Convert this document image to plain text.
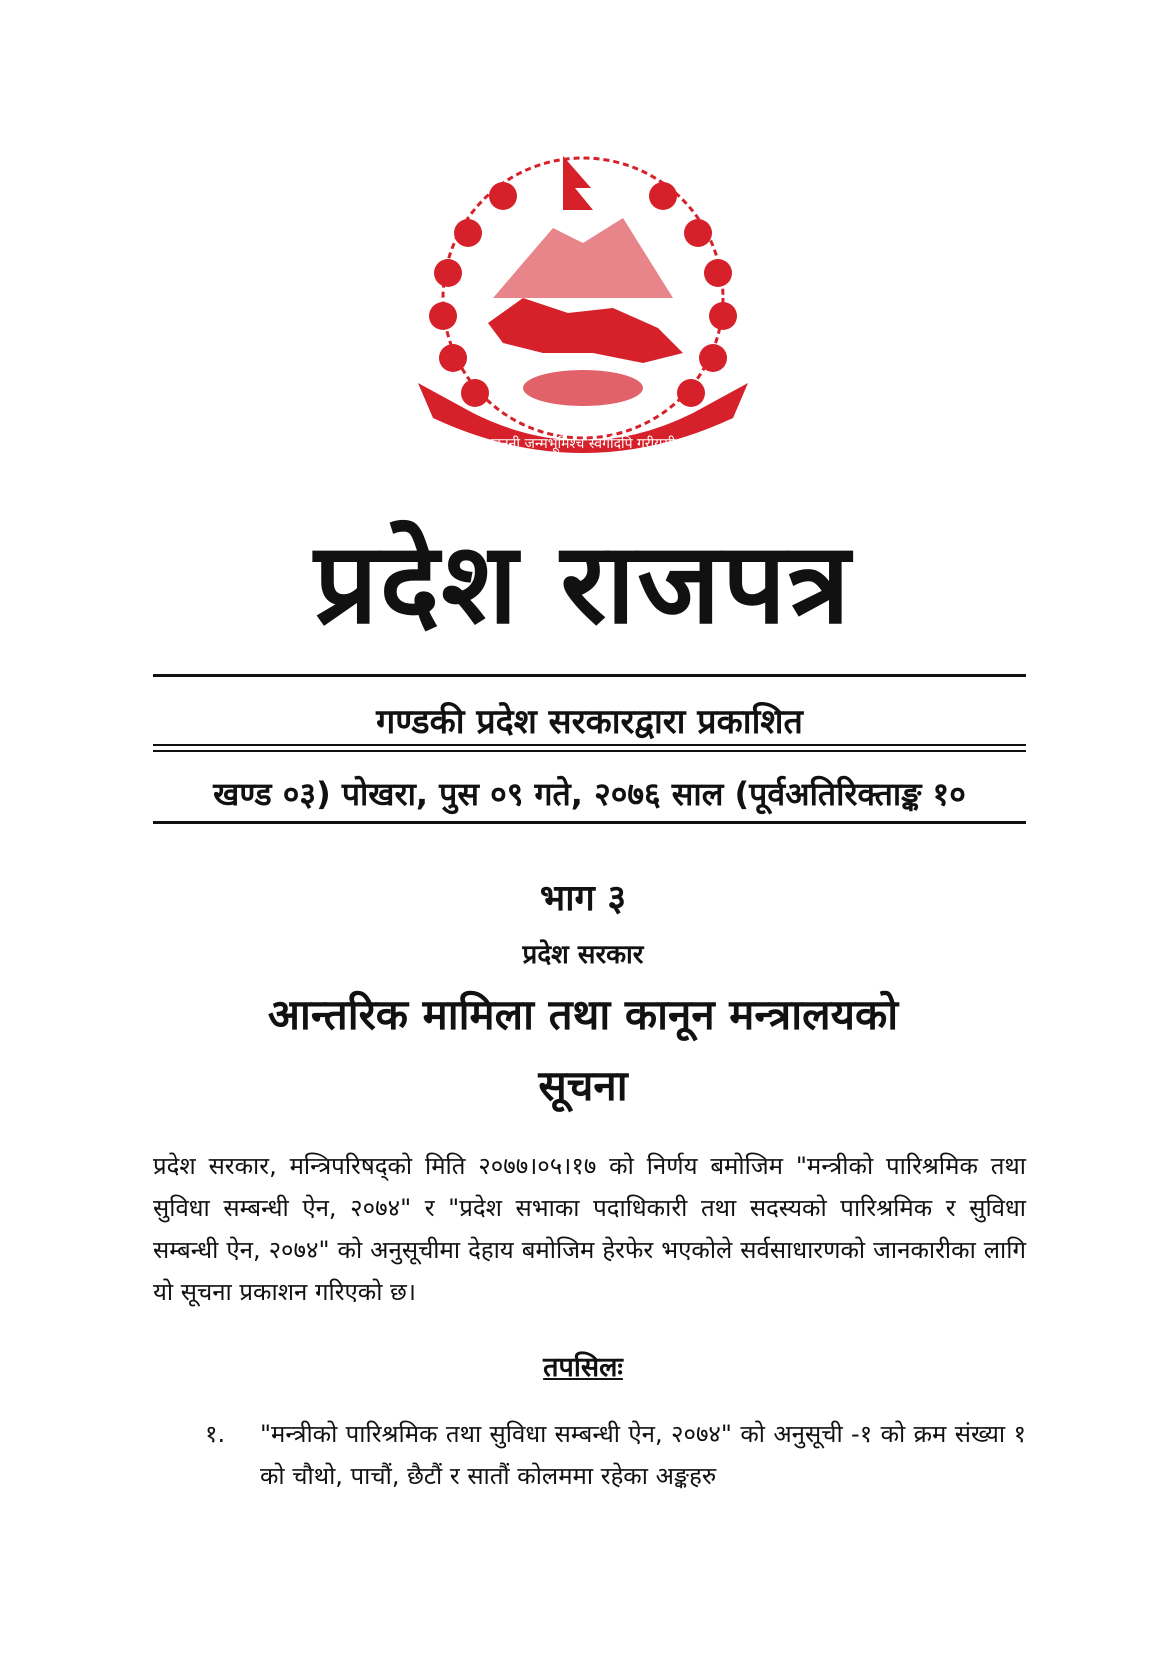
जननी जन्मभूमिश्च स्वर्गादपि गरीयसी
प्रदेश राजपत्र
गण्डकी प्रदेश सरकारद्वारा प्रकाशित
खण्ड ०३) पोखरा, पुस ०९ गते, २०७६ साल (पूर्वअतिरिक्ताङ्क १०
भाग ३
प्रदेश सरकार
आन्तरिक मामिला तथा कानून मन्त्रालयको
सूचना
प्रदेश सरकार, मन्त्रिपरिषद्को मिति २०७७।०५।१७ को निर्णय बमोजिम "मन्त्रीको पारिश्रमिक तथा सुविधा सम्बन्धी ऐन, २०७४" र "प्रदेश सभाका पदाधिकारी तथा सदस्यको पारिश्रमिक र सुविधा सम्बन्धी ऐन, २०७४" को अनुसूचीमा देहाय बमोजिम हेरफेर भएकोले सर्वसाधारणको जानकारीका लागि यो सूचना प्रकाशन गरिएको छ।
तपसिलः
१.	"मन्त्रीको पारिश्रमिक तथा सुविधा सम्बन्धी ऐन, २०७४" को अनुसूची -१ को क्रम संख्या १ को चौथो, पाचौं, छैटौं र सातौं कोलममा रहेका अङ्कहरु
